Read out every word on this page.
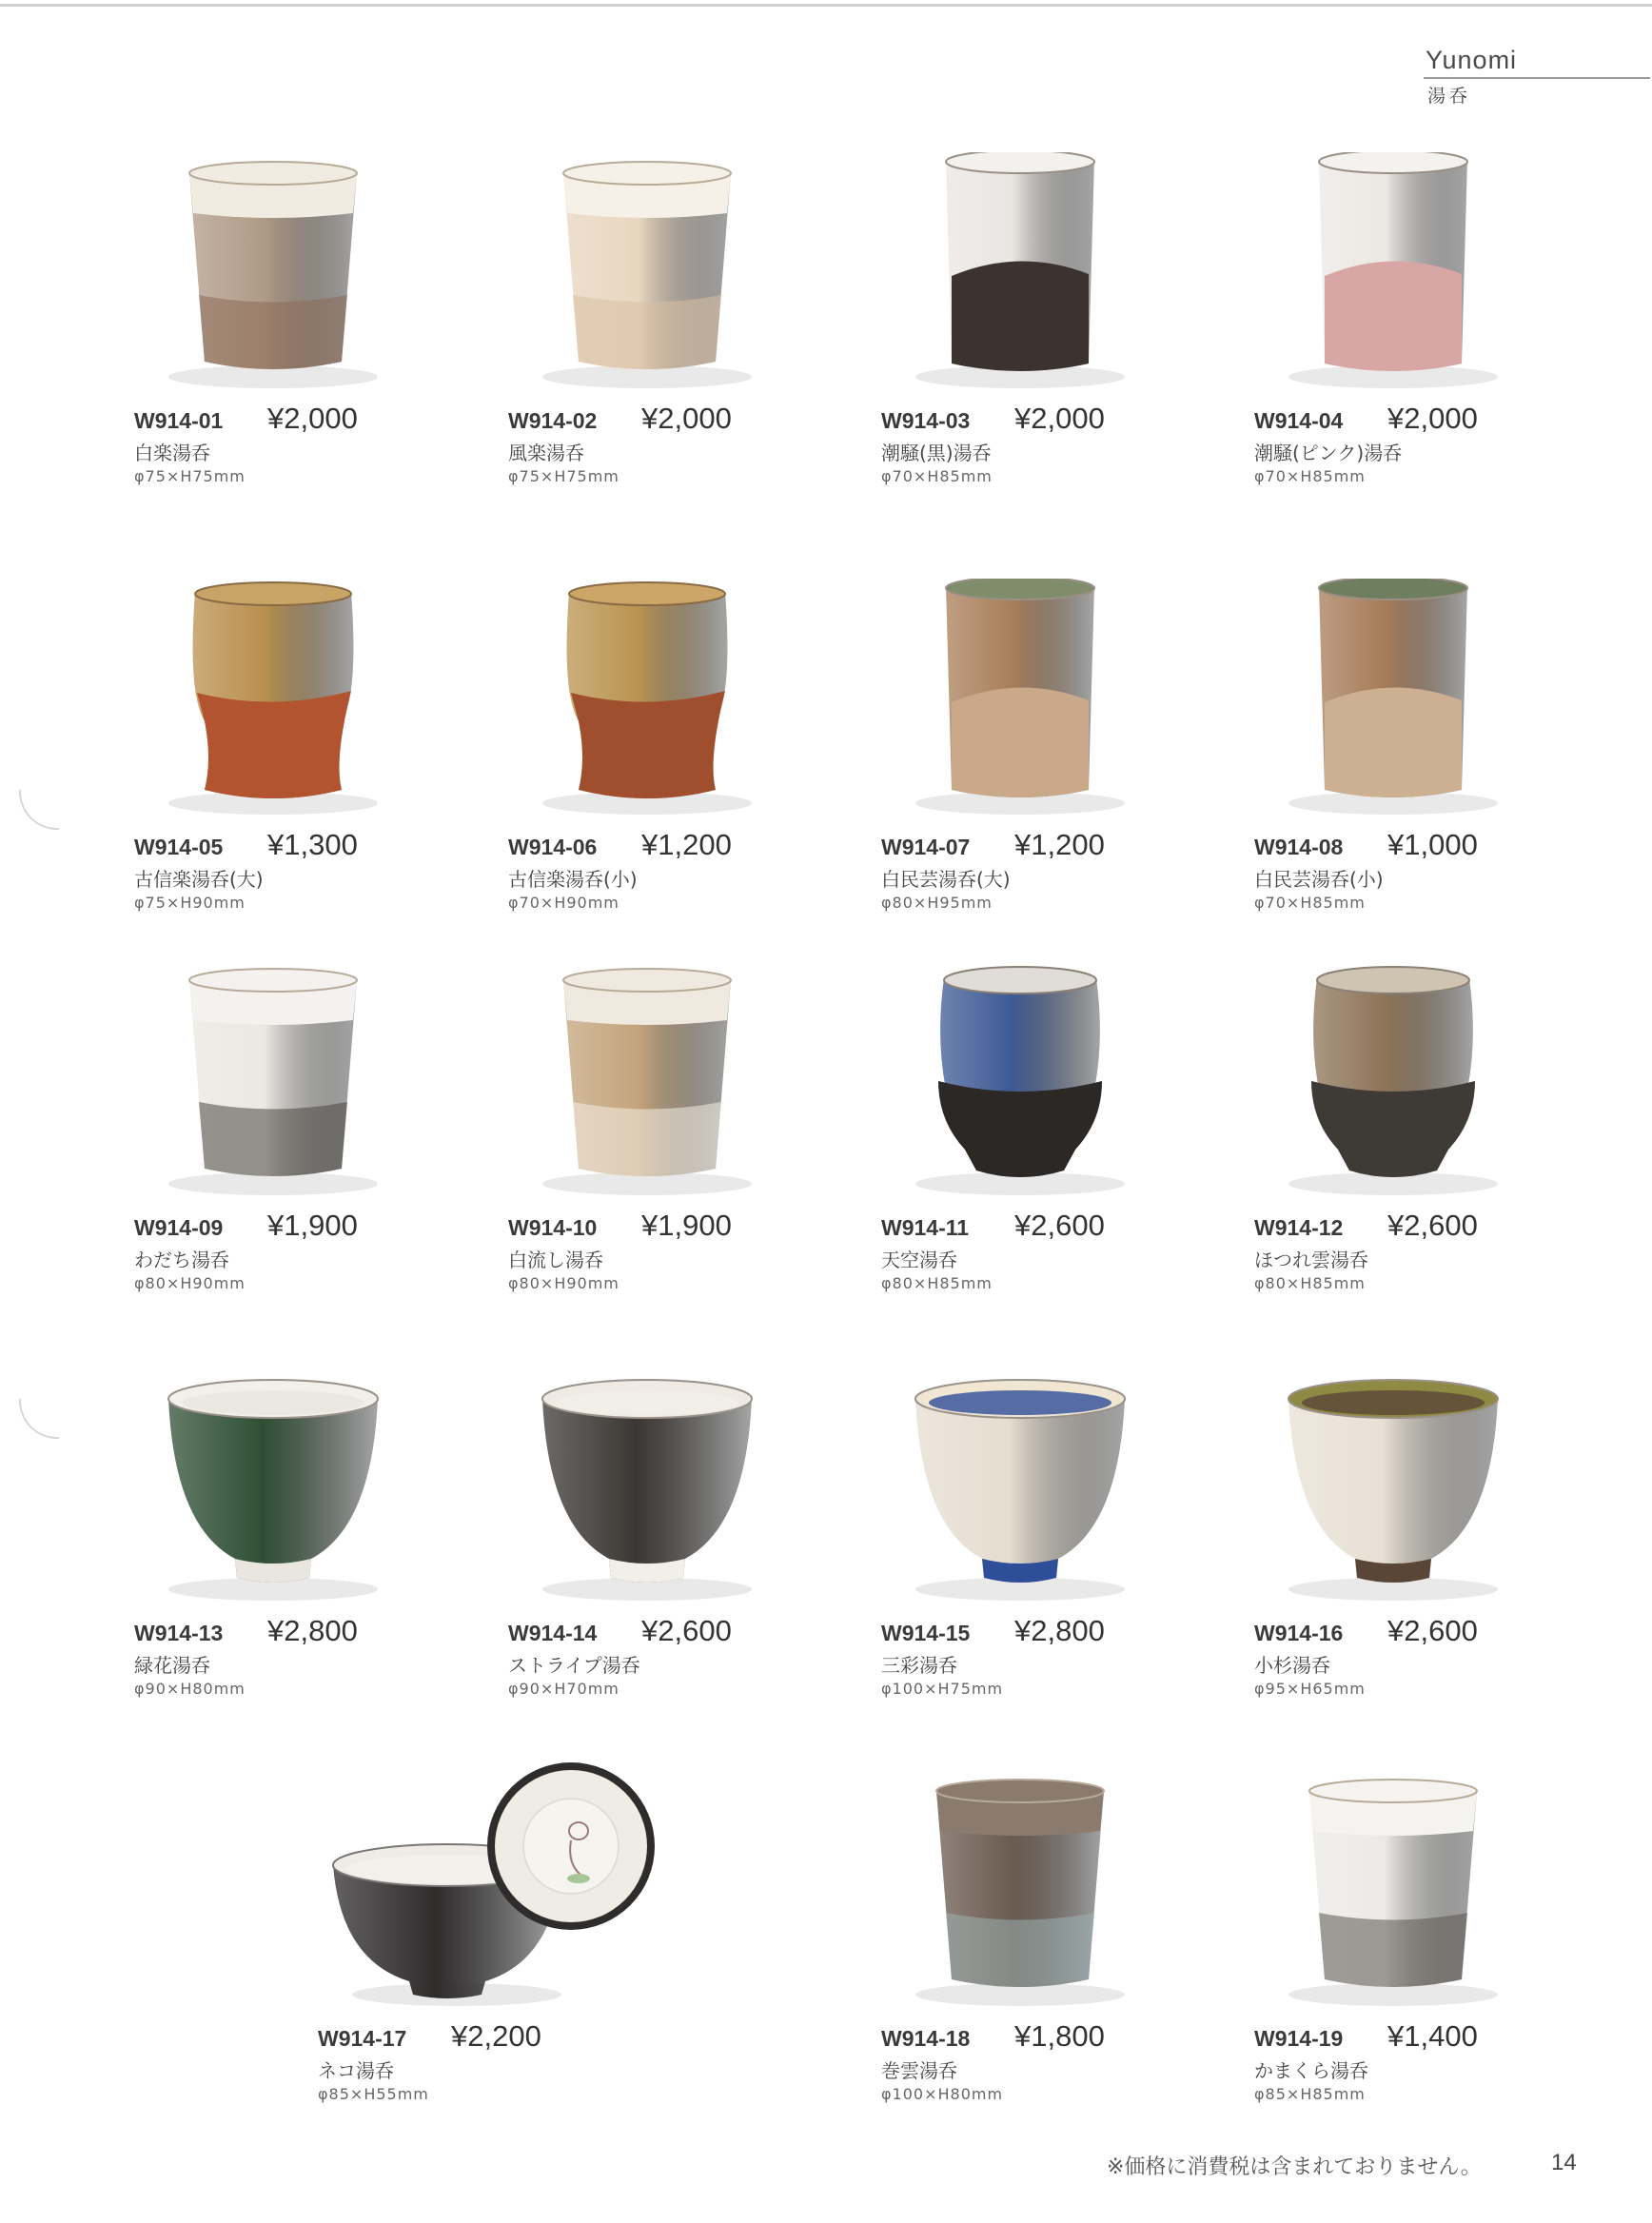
Yunomi
湯呑
W914-01 ¥2,000
白楽湯呑
φ75×H75mm
W914-02 ¥2,000
風楽湯呑
φ75×H75mm
W914-03 ¥2,000
潮騒(黒)湯呑
φ70×H85mm
W914-04 ¥2,000
潮騒(ピンク)湯呑
φ70×H85mm
W914-05 ¥1,300
古信楽湯呑(大)
φ75×H90mm
W914-06 ¥1,200
古信楽湯呑(小)
φ70×H90mm
W914-07 ¥1,200
白民芸湯呑(大)
φ80×H95mm
W914-08 ¥1,000
白民芸湯呑(小)
φ70×H85mm
W914-09 ¥1,900
わだち湯呑
φ80×H90mm
W914-10 ¥1,900
白流し湯呑
φ80×H90mm
W914-11 ¥2,600
天空湯呑
φ80×H85mm
W914-12 ¥2,600
ほつれ雲湯呑
φ80×H85mm
W914-13 ¥2,800
緑花湯呑
φ90×H80mm
W914-14 ¥2,600
ストライプ湯呑
φ90×H70mm
W914-15 ¥2,800
三彩湯呑
φ100×H75mm
W914-16 ¥2,600
小杉湯呑
φ95×H65mm
W914-17 ¥2,200
ネコ湯呑
φ85×H55mm
W914-18 ¥1,800
巻雲湯呑
φ100×H80mm
W914-19 ¥1,400
かまくら湯呑
φ85×H85mm
※価格に消費税は含まれておりません。	14
